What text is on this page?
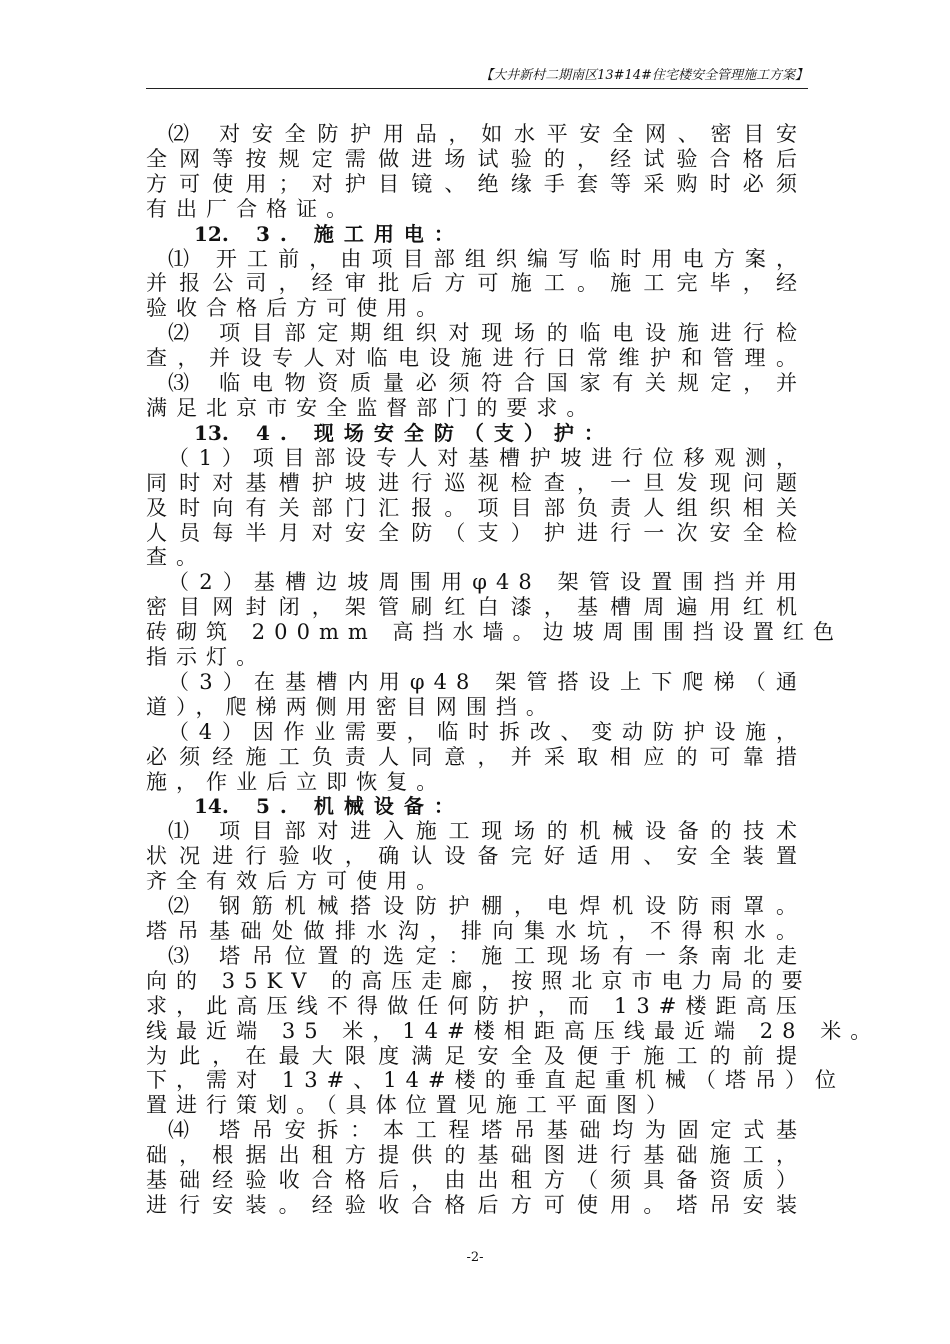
【大井新村二期南区13#14#住宅楼安全管理施工方案】
⑵ 对安全防护用品，如水平安全网、密目安
全网等按规定需做进场试验的，经试验合格后
方可使用；对护目镜、绝缘手套等采购时必须
有出厂合格证。
12. 3. 施工用电：
⑴ 开工前，由项目部组织编写临时用电方案，
并报公司，经审批后方可施工。施工完毕，经
验收合格后方可使用。
⑵ 项目部定期组织对现场的临电设施进行检
查，并设专人对临电设施进行日常维护和管理。
⑶ 临电物资质量必须符合国家有关规定，并
满足北京市安全监督部门的要求。
13. 4. 现场安全防（支）护：
（1）项目部设专人对基槽护坡进行位移观测，
同时对基槽护坡进行巡视检查，一旦发现问题
及时向有关部门汇报。项目部负责人组织相关
人员每半月对安全防（支）护进行一次安全检
查。
（2）基槽边坡周围用φ48 架管设置围挡并用
密目网封闭，架管刷红白漆，基槽周遍用红机
砖砌筑 200mm 高挡水墙。边坡周围围挡设置红色
指示灯。
（3）在基槽内用φ48 架管搭设上下爬梯（通
道），爬梯两侧用密目网围挡。
（4）因作业需要，临时拆改、变动防护设施，
必须经施工负责人同意，并采取相应的可靠措
施，作业后立即恢复。
14. 5. 机械设备：
⑴ 项目部对进入施工现场的机械设备的技术
状况进行验收，确认设备完好适用、安全装置
齐全有效后方可使用。
⑵ 钢筋机械搭设防护棚，电焊机设防雨罩。
塔吊基础处做排水沟，排向集水坑，不得积水。
⑶ 塔吊位置的选定：施工现场有一条南北走
向的 35KV 的高压走廊，按照北京市电力局的要
求，此高压线不得做任何防护，而 13#楼距高压
线最近端 35 米，14#楼相距高压线最近端 28 米。
为此，在最大限度满足安全及便于施工的前提
下，需对 13#、14#楼的垂直起重机械（塔吊）位
置进行策划。（具体位置见施工平面图）
⑷ 塔吊安拆：本工程塔吊基础均为固定式基
础，根据出租方提供的基础图进行基础施工，
基础经验收合格后，由出租方（须具备资质）
进行安装。经验收合格后方可使用。塔吊安装
-2-
